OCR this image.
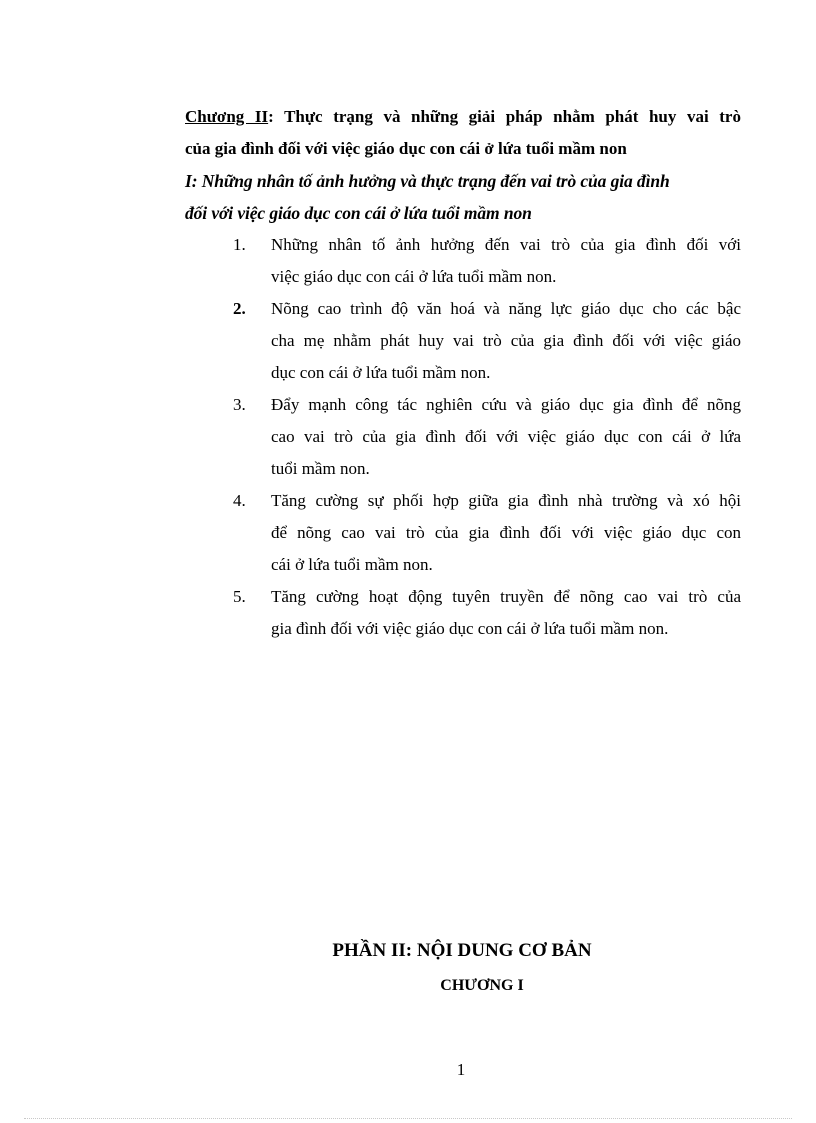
Chương II: Thực trạng và những giải pháp nhằm phát huy vai trò
của gia đình đối với việc giáo dục con cái ở lứa tuổi mầm non
I: Những nhân tố ảnh hưởng và thực trạng đến vai trò của gia đình
đối với việc giáo dục con cái ở lứa tuổi mầm non
1. Những nhân tố ảnh hưởng đến vai trò của gia đình đối với
việc giáo dục con cái ở lứa tuổi mầm non.
2. Nõng cao trình độ văn hoá và năng lực giáo dục cho các bậc
cha mẹ nhằm phát huy vai trò của gia đình đối với việc giáo
dục con cái ở lứa tuổi mầm non.
3. Đẩy mạnh công tác nghiên cứu và giáo dục gia đình để nõng
cao vai trò của gia đình đối với việc giáo dục con cái ở lứa
tuổi mầm non.
4. Tăng cường sự phối hợp giữa gia đình nhà trường và xó hội
để nõng cao vai trò của gia đình đối với việc giáo dục con
cái ở lứa tuổi mầm non.
5. Tăng cường hoạt động tuyên truyền để nõng cao vai trò của
gia đình đối với việc giáo dục con cái ở lứa tuổi mầm non.
PHẦN II: NỘI DUNG CƠ BẢN
CHƯƠNG I
1
